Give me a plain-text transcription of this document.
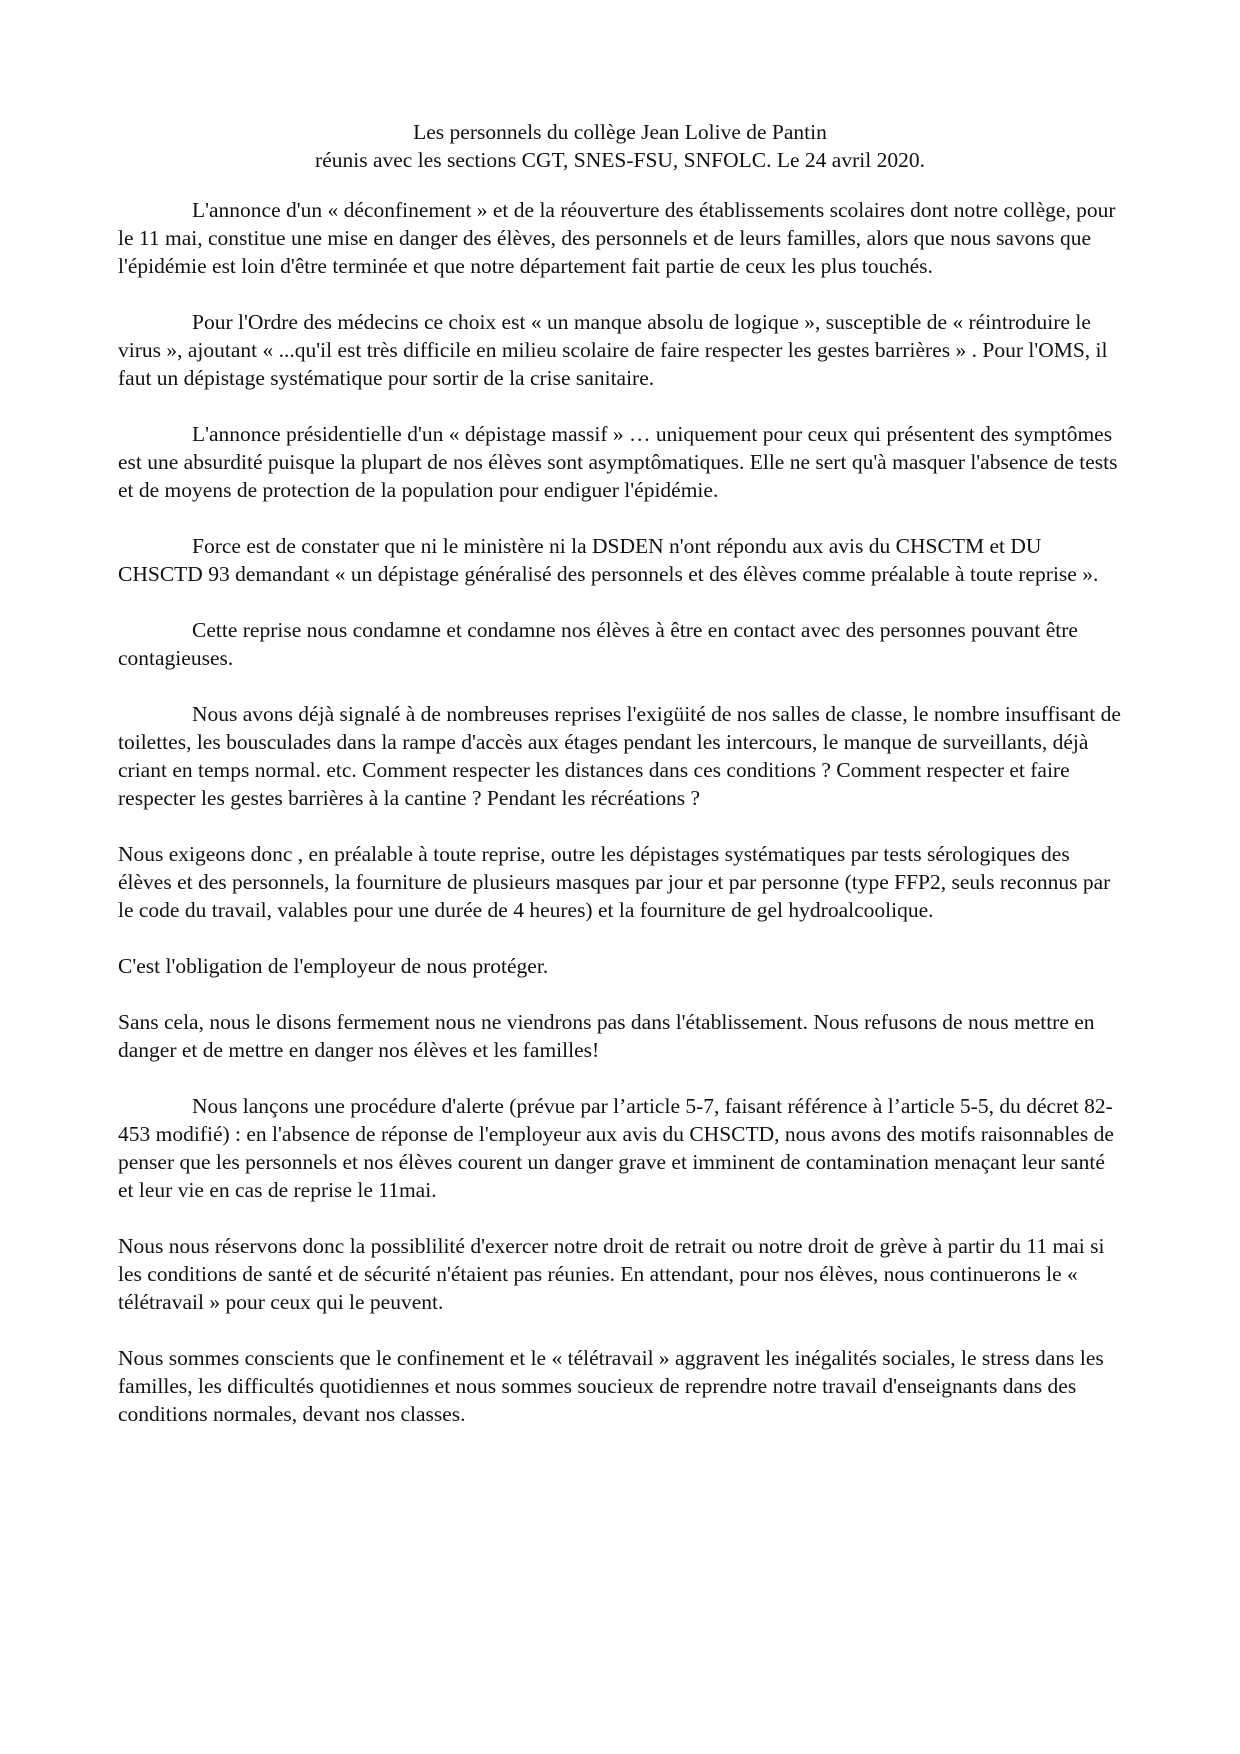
Les personnels du collège Jean Lolive de Pantin
réunis avec les sections CGT, SNES-FSU, SNFOLC. Le 24 avril 2020.

L'annonce d'un « déconfinement » et de la réouverture des établissements scolaires dont notre collège, pour le 11 mai, constitue une mise en danger des élèves, des personnels et de leurs familles, alors que nous savons que l'épidémie est loin d'être terminée et que notre département fait partie de ceux les plus touchés.

Pour l'Ordre des médecins ce choix est « un manque absolu de logique », susceptible de « réintroduire le virus », ajoutant « ...qu'il est très difficile en milieu scolaire de faire respecter les gestes barrières » . Pour l'OMS, il faut un dépistage systématique pour sortir de la crise sanitaire.

L'annonce présidentielle d'un « dépistage massif » … uniquement pour ceux qui présentent des symptômes est une absurdité puisque la plupart de nos élèves sont asymptômatiques. Elle ne sert qu'à masquer l'absence de tests et de moyens de protection de la population pour endiguer l'épidémie.

Force est de constater que ni le ministère ni la DSDEN n'ont répondu aux avis du CHSCTM et DU CHSCTD 93 demandant « un dépistage généralisé des personnels et des élèves comme préalable à toute reprise ».

Cette reprise nous condamne et condamne nos élèves à être en contact avec des personnes pouvant être contagieuses.

Nous avons déjà signalé à de nombreuses reprises l'exigüité de nos salles de classe, le nombre insuffisant de toilettes, les bousculades dans la rampe d'accès aux étages pendant les intercours, le manque de surveillants, déjà criant en temps normal. etc. Comment respecter les distances dans ces conditions ? Comment respecter et faire respecter les gestes barrières à la cantine ? Pendant les récréations ?

Nous exigeons donc , en préalable à toute reprise, outre les dépistages systématiques par tests sérologiques des élèves et des personnels, la fourniture de plusieurs masques par jour et par personne (type FFP2, seuls reconnus par le code du travail, valables pour une durée de 4 heures) et la fourniture de gel hydroalcoolique.

C'est l'obligation de l'employeur de nous protéger.

Sans cela, nous le disons fermement nous ne viendrons pas dans l'établissement. Nous refusons de nous mettre en danger et de mettre en danger nos élèves et les familles!

Nous lançons une procédure d'alerte (prévue par l’article 5-7, faisant référence à l’article 5-5, du décret 82-453 modifié) : en l'absence de réponse de l'employeur aux avis du CHSCTD, nous avons des motifs raisonnables de penser que les personnels et nos élèves courent un danger grave et imminent de contamination menaçant leur santé et leur vie en cas de reprise le 11mai.

Nous nous réservons donc la possiblilité d'exercer notre droit de retrait ou notre droit de grève à partir du 11 mai si les conditions de santé et de sécurité n'étaient pas réunies. En attendant, pour nos élèves, nous continuerons le « télétravail » pour ceux qui le peuvent.

Nous sommes conscients que le confinement et le « télétravail » aggravent les inégalités sociales, le stress dans les familles, les difficultés quotidiennes et nous sommes soucieux de reprendre notre travail d'enseignants dans des conditions normales, devant nos classes.
